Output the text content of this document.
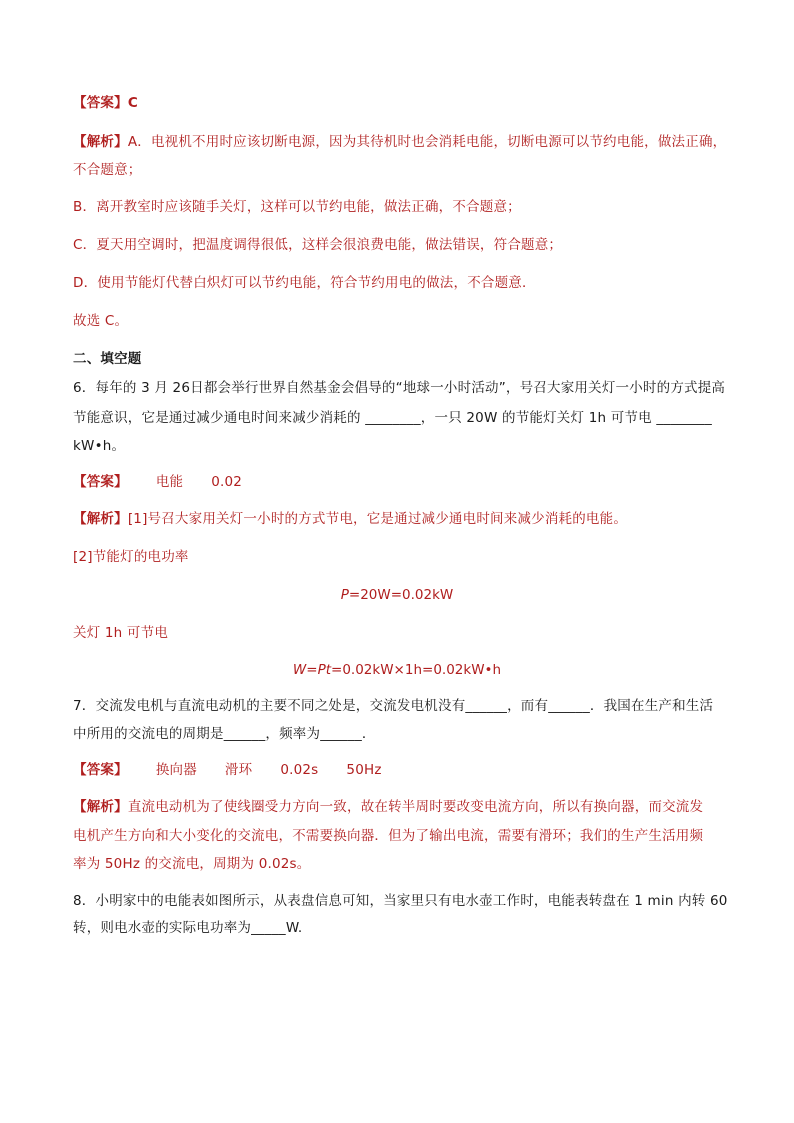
【答案】C
【解析】A．电视机不用时应该切断电源，因为其待机时也会消耗电能，切断电源可以节约电能，做法正确，
不合题意；
B．离开教室时应该随手关灯，这样可以节约电能，做法正确，不合题意；
C．夏天用空调时，把温度调得很低，这样会很浪费电能，做法错误，符合题意；
D．使用节能灯代替白炽灯可以节约电能，符合节约用电的做法，不合题意．
故选 C。
二、填空题
6．每年的 3 月 26日都会举行世界自然基金会倡导的“地球一小时活动”，号召大家用关灯一小时的方式提高
节能意识，它是通过减少通电时间来减少消耗的 ________，一只 20W 的节能灯关灯 1h 可节电 ________
kW•h。
【答案】 电能 0.02
【解析】[1]号召大家用关灯一小时的方式节电，它是通过减少通电时间来减少消耗的电能。
[2]节能灯的电功率
P=20W=0.02kW
关灯 1h 可节电
W=Pt=0.02kW×1h=0.02kW•h
7．交流发电机与直流电动机的主要不同之处是，交流发电机没有______，而有______．我国在生产和生活
中所用的交流电的周期是______，频率为______．
【答案】 换向器 滑环 0.02s 50Hz
【解析】直流电动机为了使线圈受力方向一致，故在转半周时要改变电流方向，所以有换向器，而交流发
电机产生方向和大小变化的交流电，不需要换向器．但为了输出电流，需要有滑环；我们的生产生活用频
率为 50Hz 的交流电，周期为 0.02s。
8．小明家中的电能表如图所示，从表盘信息可知，当家里只有电水壶工作时，电能表转盘在 1 min 内转 60
转，则电水壶的实际电功率为_____W.
